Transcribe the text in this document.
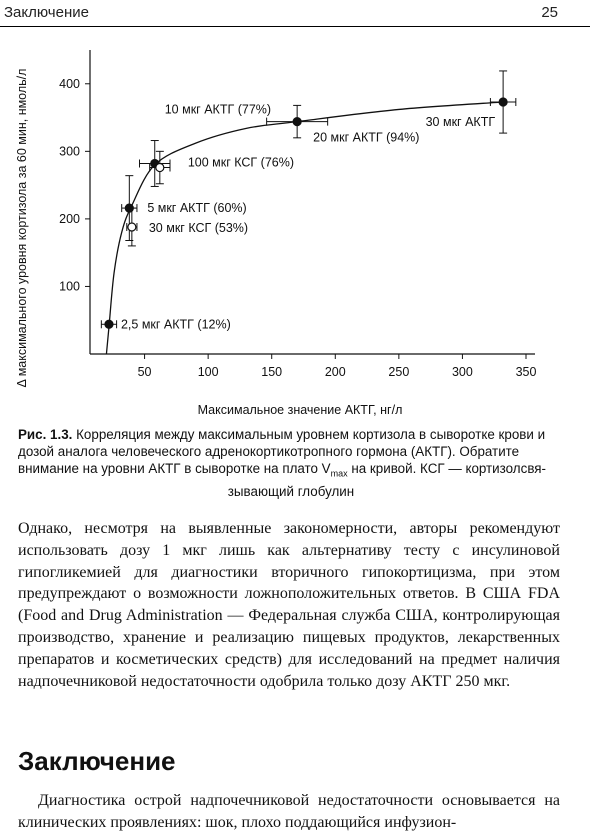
Заключение	25
50	100	150	200	250	300	350
100
200
300
400
2,5 мкг АКТГ (12%)
5 мкг АКТГ (60%)
10 мкг АКТГ (77%)
20 мкг АКТГ (94%)
30 мкг АКТГ
30 мкг КСГ (53%)
100 мкг КСГ (76%)
Максимальное значение АКТГ, нг/л
Δ максимального уровня кортизола за 60 мин, нмоль/л
Рис. 1.3. Корреляция между максимальным уровнем кортизола в сыворотке крови и дозой аналога человеческого адренокортикотропного гормона (АКТГ). Обратите внимание на уровни АКТГ в сыворотке на плато $V_{max}$ на кривой. КСГ — кортизолсвя-
зывающий глобулин
Однако, несмотря на выявленные закономерности, авторы рекомендуют использовать дозу 1 мкг лишь как альтернативу тесту с инсулиновой гипогликемией для диагностики вторичного гипокортицизма, при этом предупреждают о возможности ложноположительных ответов. В США FDA (Food and Drug Administration — Федеральная служба США, контролирующая производство, хранение и реализацию пищевых продуктов, лекарственных препаратов и косметических средств) для исследований на предмет наличия надпочечниковой недостаточности одобрила только дозу АКТГ 250 мкг.
Заключение
Диагностика острой надпочечниковой недостаточности основывается на клинических проявлениях: шок, плохо поддающийся инфузион-
